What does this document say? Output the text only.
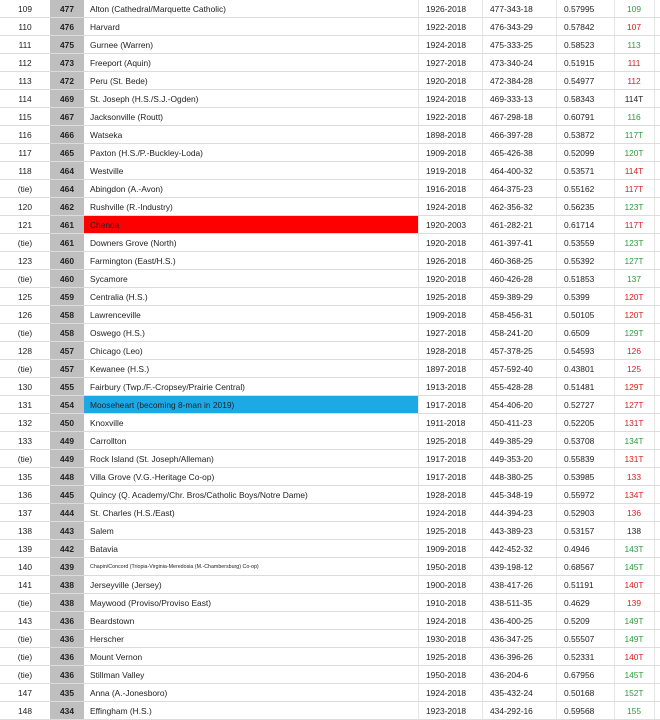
109	477	Alton (Cathedral/Marquette Catholic)	1926-2018	477-343-18	0.57995	109
110	476	Harvard	1922-2018	476-343-29	0.57842	107
111	475	Gurnee (Warren)	1924-2018	475-333-25	0.58523	113
112	473	Freeport (Aquin)	1927-2018	473-340-24	0.51915	111
113	472	Peru (St. Bede)	1920-2018	472-384-28	0.54977	112
114	469	St. Joseph (H.S./S.J.-Ogden)	1924-2018	469-333-13	0.58343	114T
115	467	Jacksonville (Routt)	1922-2018	467-298-18	0.60791	116
116	466	Watseka	1898-2018	466-397-28	0.53872	117T
117	465	Paxton (H.S./P.-Buckley-Loda)	1909-2018	465-426-38	0.52099	120T
118	464	Westville	1919-2018	464-400-32	0.53571	114T
(tie)	464	Abingdon (A.-Avon)	1916-2018	464-375-23	0.55162	117T
120	462	Rushville (R.-Industry)	1924-2018	462-356-32	0.56235	123T
121	461	Chenoa	1920-2003	461-282-21	0.61714	117T
(tie)	461	Downers Grove (North)	1920-2018	461-397-41	0.53559	123T
123	460	Farmington (East/H.S.)	1926-2018	460-368-25	0.55392	127T
(tie)	460	Sycamore	1920-2018	460-426-28	0.51853	137
125	459	Centralia (H.S.)	1925-2018	459-389-29	0.5399	120T
126	458	Lawrenceville	1909-2018	458-456-31	0.50105	120T
(tie)	458	Oswego (H.S.)	1927-2018	458-241-20	0.6509	129T
128	457	Chicago (Leo)	1928-2018	457-378-25	0.54593	126
(tie)	457	Kewanee (H.S.)	1897-2018	457-592-40	0.43801	125
130	455	Fairbury (Twp./F.-Cropsey/Prairie Central)	1913-2018	455-428-28	0.51481	129T
131	454	Mooseheart (becoming 8-man in 2019)	1917-2018	454-406-20	0.52727	127T
132	450	Knoxville	1911-2018	450-411-23	0.52205	131T
133	449	Carrollton	1925-2018	449-385-29	0.53708	134T
(tie)	449	Rock Island (St. Joseph/Alleman)	1917-2018	449-353-20	0.55839	131T
135	448	Villa Grove (V.G.-Heritage Co-op)	1917-2018	448-380-25	0.53985	133
136	445	Quincy (Q. Academy/Chr. Bros/Catholic Boys/Notre Dame)	1928-2018	445-348-19	0.55972	134T
137	444	St. Charles (H.S./East)	1924-2018	444-394-23	0.52903	136
138	443	Salem	1925-2018	443-389-23	0.53157	138
139	442	Batavia	1909-2018	442-452-32	0.4946	143T
140	439	Chapin/Concord (Triopia-Virginia-Meredosia (M.-Chambersburg) Co-op)	1950-2018	439-198-12	0.68567	145T
141	438	Jerseyville (Jersey)	1900-2018	438-417-26	0.51191	140T
(tie)	438	Maywood (Proviso/Proviso East)	1910-2018	438-511-35	0.4629	139
143	436	Beardstown	1924-2018	436-400-25	0.5209	149T
(tie)	436	Herscher	1930-2018	436-347-25	0.55507	149T
(tie)	436	Mount Vernon	1925-2018	436-396-26	0.52331	140T
(tie)	436	Stillman Valley	1950-2018	436-204-6	0.67956	145T
147	435	Anna (A.-Jonesboro)	1924-2018	435-432-24	0.50168	152T
148	434	Effingham (H.S.)	1923-2018	434-292-16	0.59568	155
